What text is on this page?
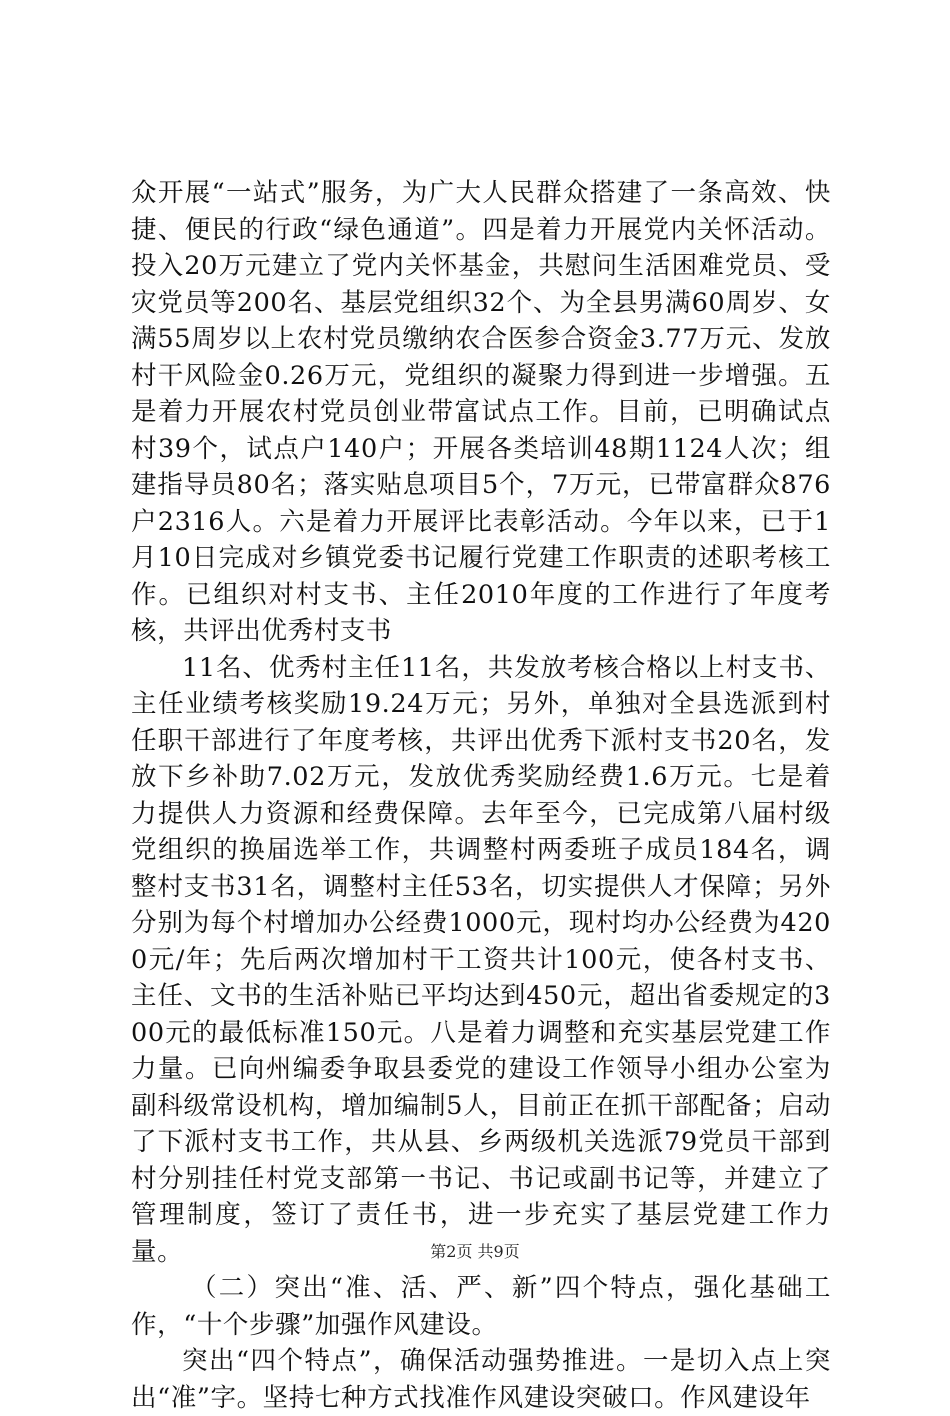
众开展“一站式”服务，为广大人民群众搭建了一条高效、快捷、便民的行政“绿色通道”。四是着力开展党内关怀活动。投入20万元建立了党内关怀基金，共慰问生活困难党员、受灾党员等200名、基层党组织32个、为全县男满60周岁、女满55周岁以上农村党员缴纳农合医参合资金3.77万元、发放村干风险金0.26万元，党组织的凝聚力得到进一步增强。五是着力开展农村党员创业带富试点工作。目前，已明确试点村39个，试点户140户；开展各类培训48期1124人次；组建指导员80名；落实贴息项目5个，7万元，已带富群众876户2316人。六是着力开展评比表彰活动。今年以来，已于1月10日完成对乡镇党委书记履行党建工作职责的述职考核工作。已组织对村支书、主任2010年度的工作进行了年度考核，共评出优秀村支书

11名、优秀村主任11名，共发放考核合格以上村支书、主任业绩考核奖励19.24万元；另外，单独对全县选派到村任职干部进行了年度考核，共评出优秀下派村支书20名，发放下乡补助7.02万元，发放优秀奖励经费1.6万元。七是着力提供人力资源和经费保障。去年至今，已完成第八届村级党组织的换届选举工作，共调整村两委班子成员184名，调整村支书31名，调整村主任53名，切实提供人才保障；另外分别为每个村增加办公经费1000元，现村均办公经费为4200元/年；先后两次增加村干工资共计100元，使各村支书、主任、文书的生活补贴已平均达到450元，超出省委规定的300元的最低标准150元。八是着力调整和充实基层党建工作力量。已向州编委争取县委党的建设工作领导小组办公室为副科级常设机构，增加编制5人，目前正在抓干部配备；启动了下派村支书工作，共从县、乡两级机关选派79党员干部到村分别挂任村党支部第一书记、书记或副书记等，并建立了管理制度，签订了责任书，进一步充实了基层党建工作力量。

（二）突出“准、活、严、新”四个特点，强化基础工作，“十个步骤”加强作风建设。

突出“四个特点”，确保活动强势推进。一是切入点上突出“准”字。坚持七种方式找准作风建设突破口。作风建设年

第2页 共9页
